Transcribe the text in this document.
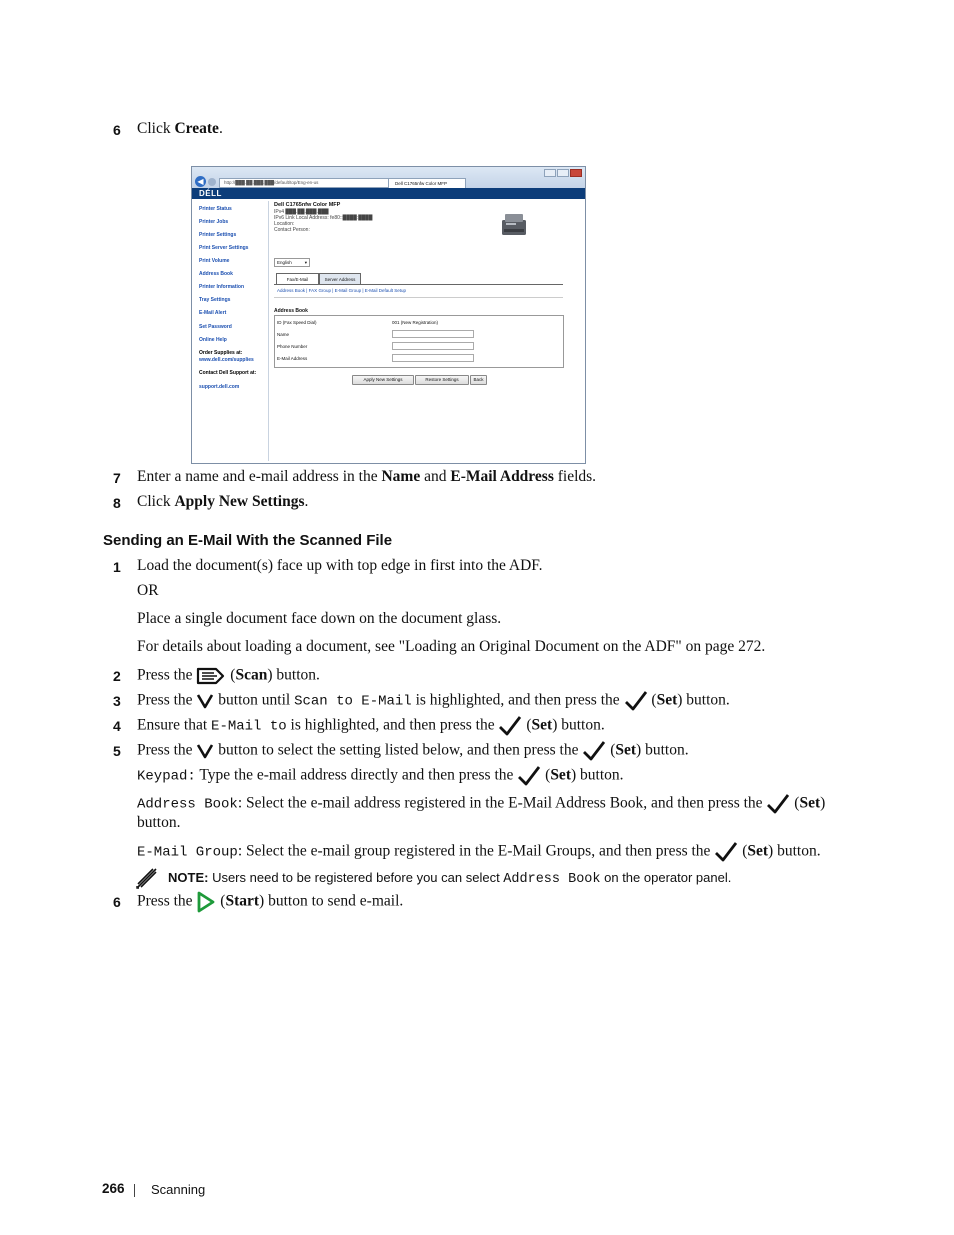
6 Click Create.
◀	http://███.██.███.███/default/top/Eng-en-us	Dell C1765nfw Color MFP
DÉLL
Printer Status
Printer Jobs
Printer Settings
Print Server Settings
Print Volume
Address Book
Printer Information
Tray Settings
E-Mail Alert
Set Password
Online Help
Order Supplies at:
www.dell.com/supplies
Contact Dell Support at:
support.dell.com
Dell C1765nfw Color MFP
IPv4 ███.██.███.███
IPv6 Link Local Address: fe80::████:████
Location:
Contact Person:
English	▾
Fax/E-Mail	Server Address
Address Book | FAX Group | E-Mail Group | E-Mail Default Setup
Address Book
ID (Fax Speed Dial)	001 (New Registration)
Name
Phone Number
E-Mail Address
Apply New Settings	Restore Settings	Back
7 Enter a name and e-mail address in the Name and E-Mail Address fields.
8 Click Apply New Settings.
Sending an E-Mail With the Scanned File
1 Load the document(s) face up with top edge in first into the ADF.
OR
Place a single document face down on the document glass.
For details about loading a document, see "Loading an Original Document on the ADF" on page 272.
2 Press the  (Scan) button.
3 Press the  button until Scan to E-Mail is highlighted, and then press the  (Set) button.
4 Ensure that E-Mail to is highlighted, and then press the  (Set) button.
5 Press the  button to select the setting listed below, and then press the  (Set) button.
Keypad: Type the e-mail address directly and then press the  (Set) button.
Address Book: Select the e-mail address registered in the E-Mail Address Book, and then press the  (Set)
button.
E-Mail Group: Select the e-mail group registered in the E-Mail Groups, and then press the  (Set) button.
NOTE: Users need to be registered before you can select Address Book on the operator panel.
6 Press the  (Start) button to send e-mail.
266 Scanning
